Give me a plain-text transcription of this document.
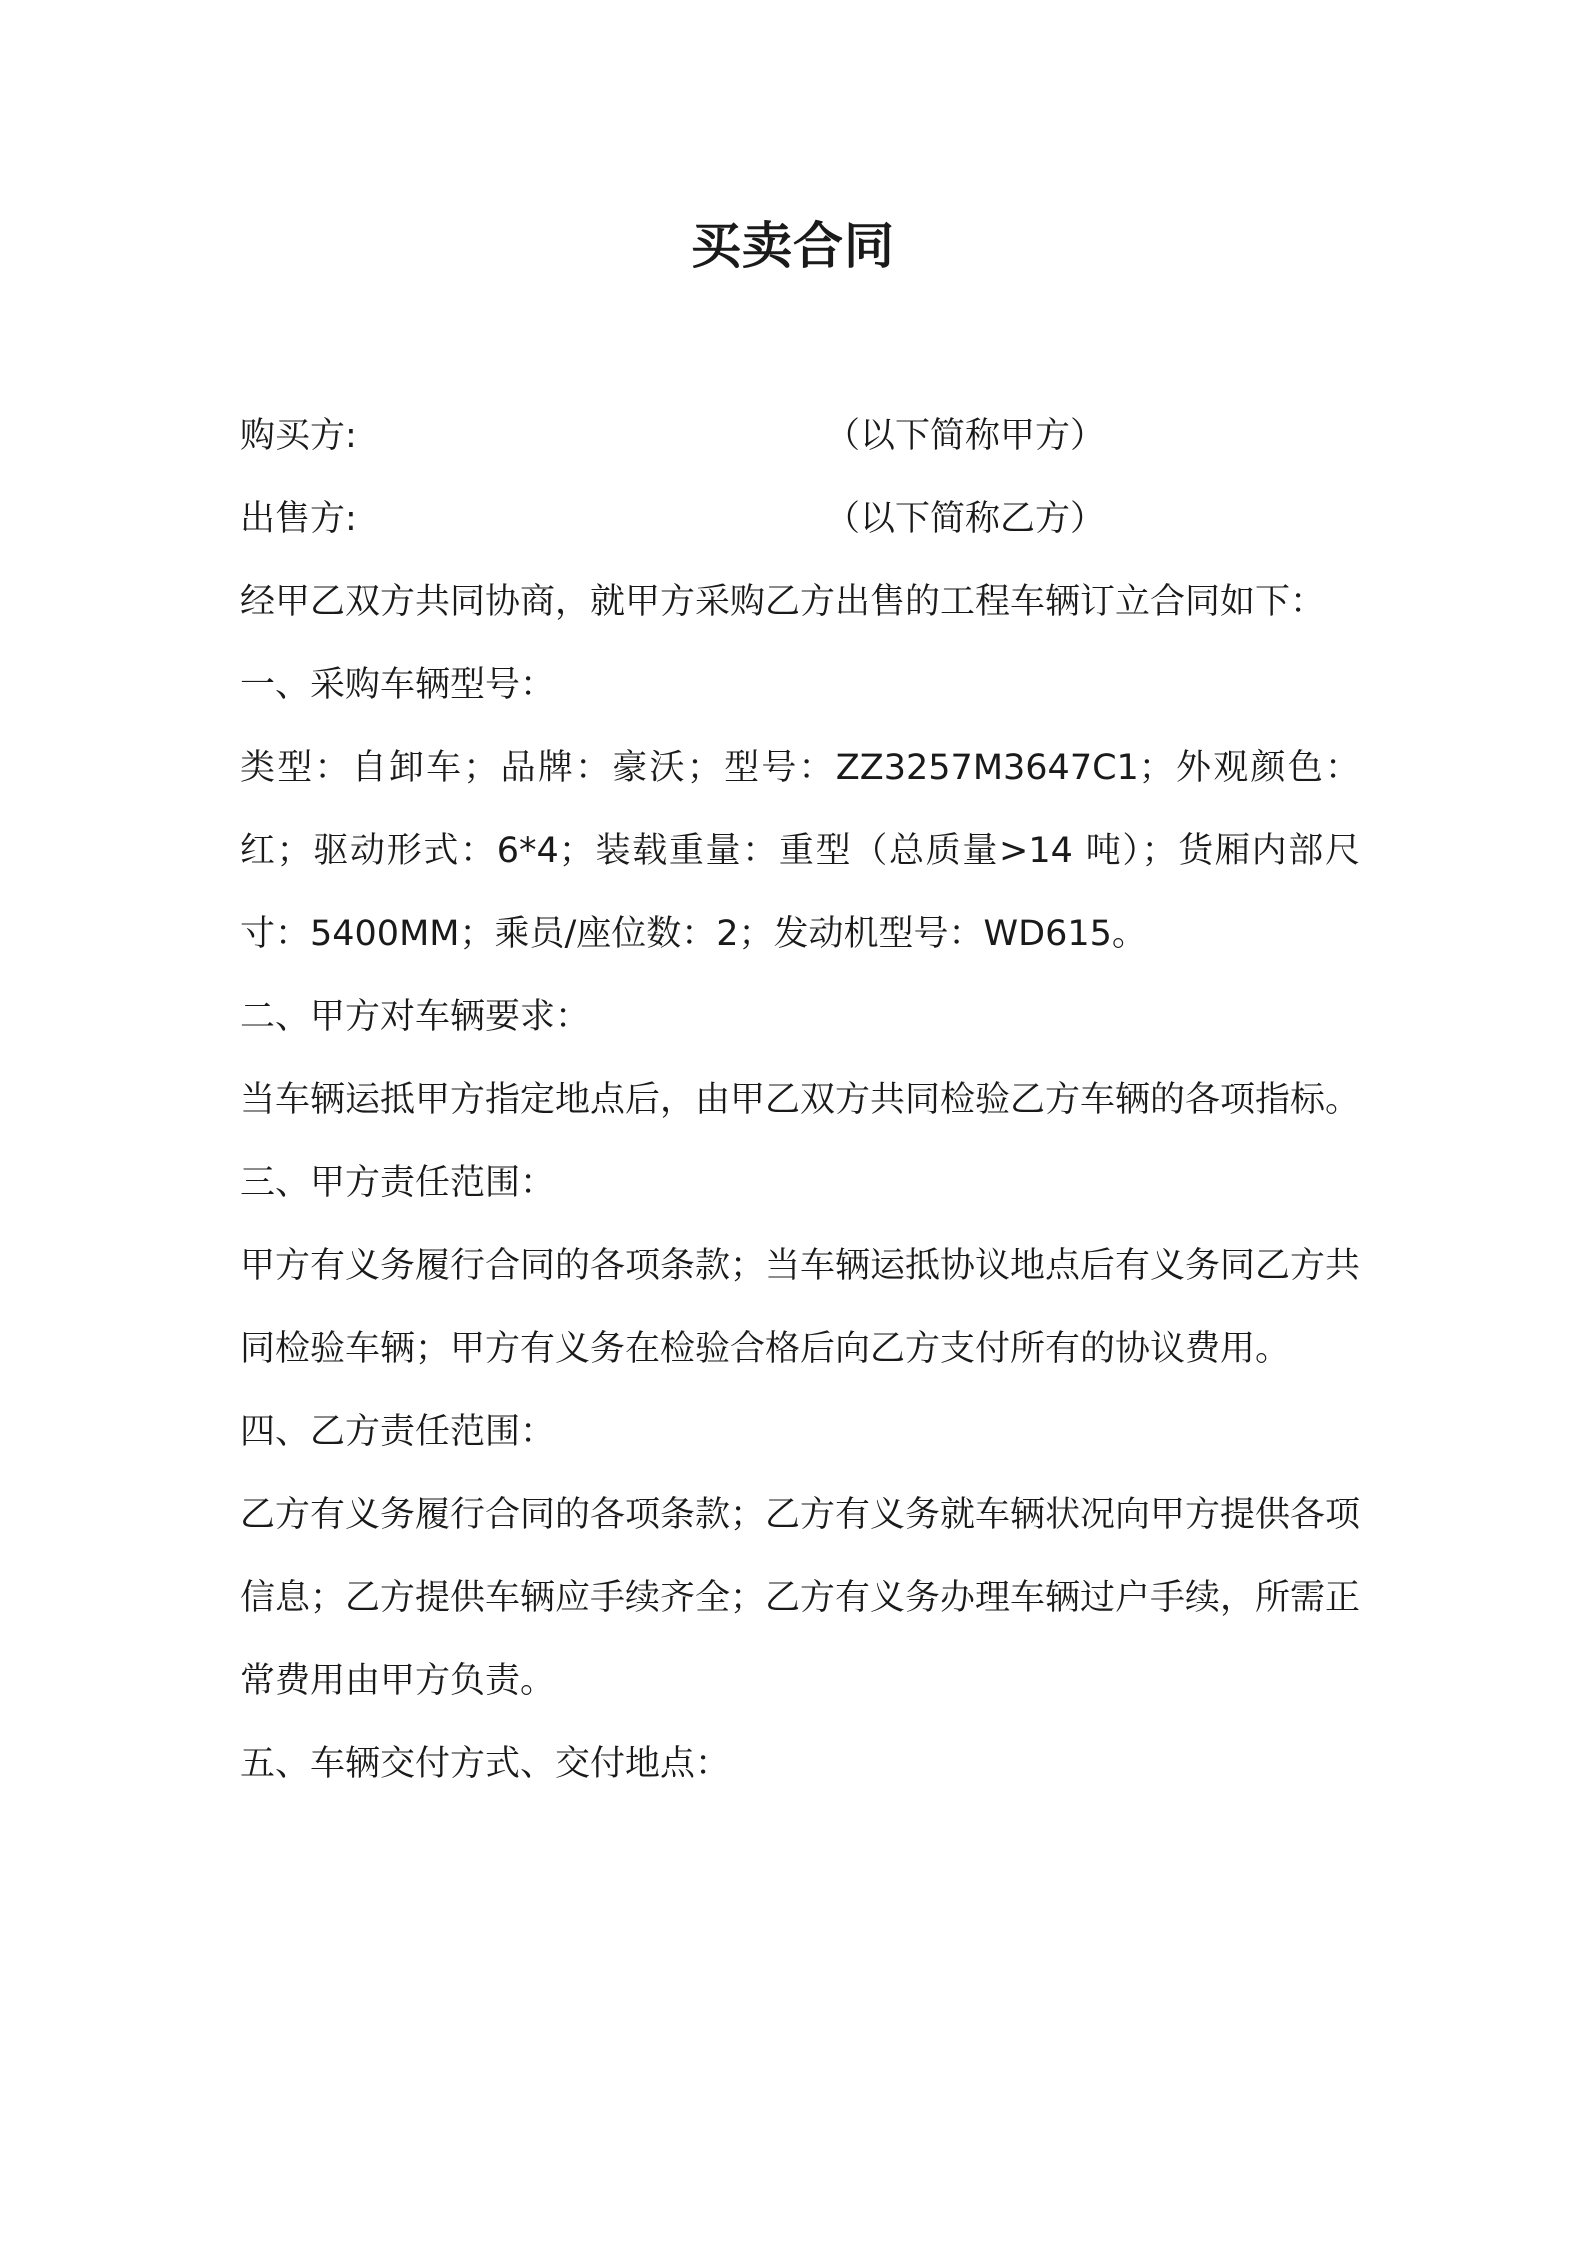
买卖合同
购买方:	（以下简称甲方）
出售方:	（以下简称乙方）
经甲乙双方共同协商，就甲方采购乙方出售的工程车辆订立合同如下：
一、采购车辆型号：
类型：自卸车；品牌：豪沃；型号：ZZ3257M3647C1；外观颜色：红；驱动形式：6*4；装载重量：重型（总质量>14 吨）；货厢内部尺寸：5400MM；乘员/座位数：2；发动机型号：WD615。
二、甲方对车辆要求：
当车辆运抵甲方指定地点后，由甲乙双方共同检验乙方车辆的各项指标。
三、甲方责任范围：
甲方有义务履行合同的各项条款；当车辆运抵协议地点后有义务同乙方共同检验车辆；甲方有义务在检验合格后向乙方支付所有的协议费用。
四、乙方责任范围：
乙方有义务履行合同的各项条款；乙方有义务就车辆状况向甲方提供各项信息；乙方提供车辆应手续齐全；乙方有义务办理车辆过户手续，所需正常费用由甲方负责。
五、车辆交付方式、交付地点：
